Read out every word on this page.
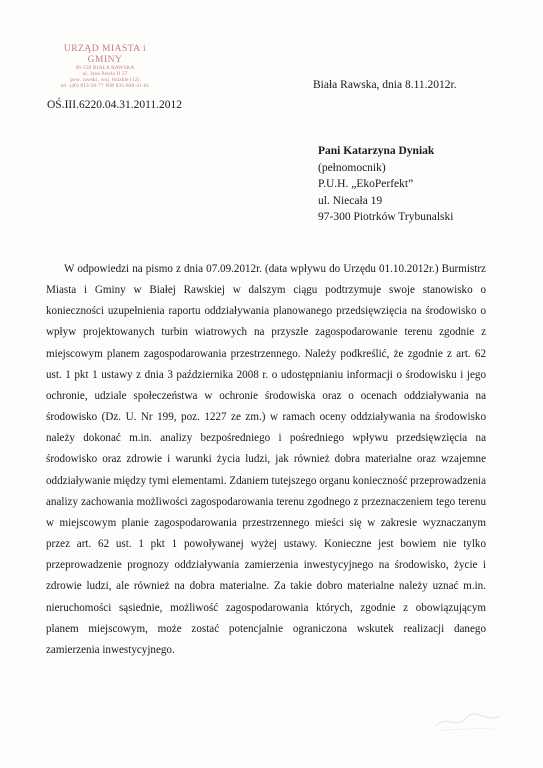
URZĄD MIASTA i GMINY
96-230 BIAŁA RAWSKA
ul. Jana Pawła II 57
pow. rawski, woj. łódzkie (12)
tel. (46) 813-50-77 NIP 835-000-41-01	Biała Rawska, dnia 8.11.2012r.
OŚ.III.6220.04.31.2011.2012
Pani Katarzyna Dyniak
(pełnomocnik)
P.U.H. „EkoPerfekt”
ul. Niecała 19
97-300 Piotrków Trybunalski

W odpowiedzi na pismo z dnia 07.09.2012r. (data wpływu do Urzędu 01.10.2012r.) Burmistrz Miasta i Gminy w Białej Rawskiej w dalszym ciągu podtrzymuje swoje stanowisko o konieczności uzupełnienia raportu oddziaływania planowanego przedsięwzięcia na środowisko o wpływ projektowanych turbin wiatrowych na przyszłe zagospodarowanie terenu zgodnie z miejscowym planem zagospodarowania przestrzennego. Należy podkreślić, że zgodnie z art. 62 ust. 1 pkt 1 ustawy z dnia 3 października 2008 r. o udostępnianiu informacji o środowisku i jego ochronie, udziale społeczeństwa w ochronie środowiska oraz o ocenach oddziaływania na środowisko (Dz. U. Nr 199, poz. 1227 ze zm.) w ramach oceny oddziaływania na środowisko należy dokonać m.in. analizy bezpośredniego i pośredniego wpływu przedsięwzięcia na środowisko oraz zdrowie i warunki życia ludzi, jak również dobra materialne oraz wzajemne oddziaływanie między tymi elementami. Zdaniem tutejszego organu konieczność przeprowadzenia analizy zachowania możliwości zagospodarowania terenu zgodnego z przeznaczeniem tego terenu w miejscowym planie zagospodarowania przestrzennego mieści się w zakresie wyznaczanym przez art. 62 ust. 1 pkt 1 powoływanej wyżej ustawy. Konieczne jest bowiem nie tylko przeprowadzenie prognozy oddziaływania zamierzenia inwestycyjnego na środowisko, życie i zdrowie ludzi, ale również na dobra materialne. Za takie dobro materialne należy uznać m.in. nieruchomości sąsiednie, możliwość zagospodarowania których, zgodnie z obowiązującym planem miejscowym, może zostać potencjalnie ograniczona wskutek realizacji danego zamierzenia inwestycyjnego.
